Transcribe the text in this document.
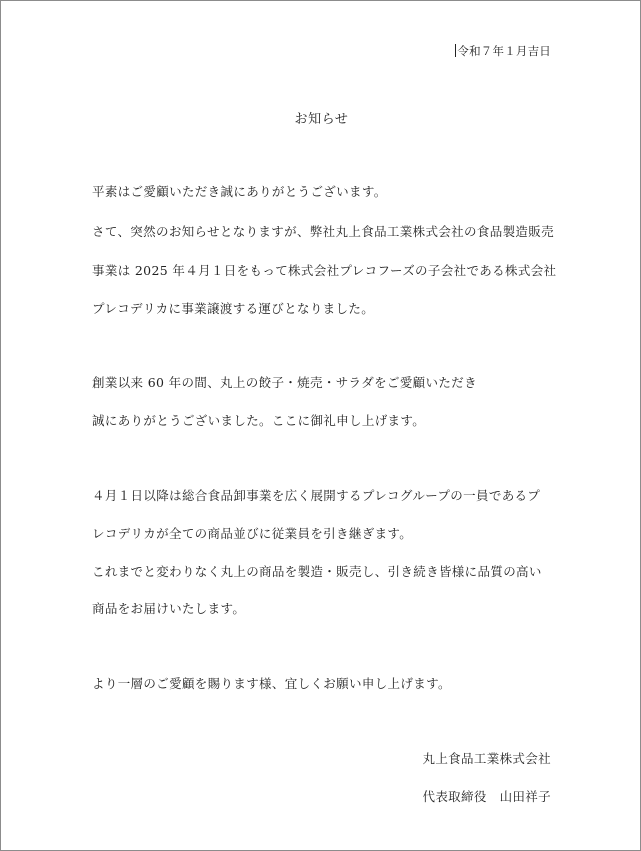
令和７年１月吉日
お知らせ

平素はご愛顧いただき誠にありがとうございます。

さて、突然のお知らせとなりますが、弊社丸上食品工業株式会社の食品製造販売

事業は 2025 年４月１日をもって株式会社プレコフーズの子会社である株式会社

プレコデリカに事業譲渡する運びとなりました。

創業以来 60 年の間、丸上の餃子・焼売・サラダをご愛顧いただき

誠にありがとうございました。ここに御礼申し上げます。

４月１日以降は総合食品卸事業を広く展開するプレコグループの一員であるプ

レコデリカが全ての商品並びに従業員を引き継ぎます。

これまでと変わりなく丸上の商品を製造・販売し、引き続き皆様に品質の高い

商品をお届けいたします。

より一層のご愛顧を賜ります様、宜しくお願い申し上げます。

丸上食品工業株式会社

代表取締役　山田祥子
